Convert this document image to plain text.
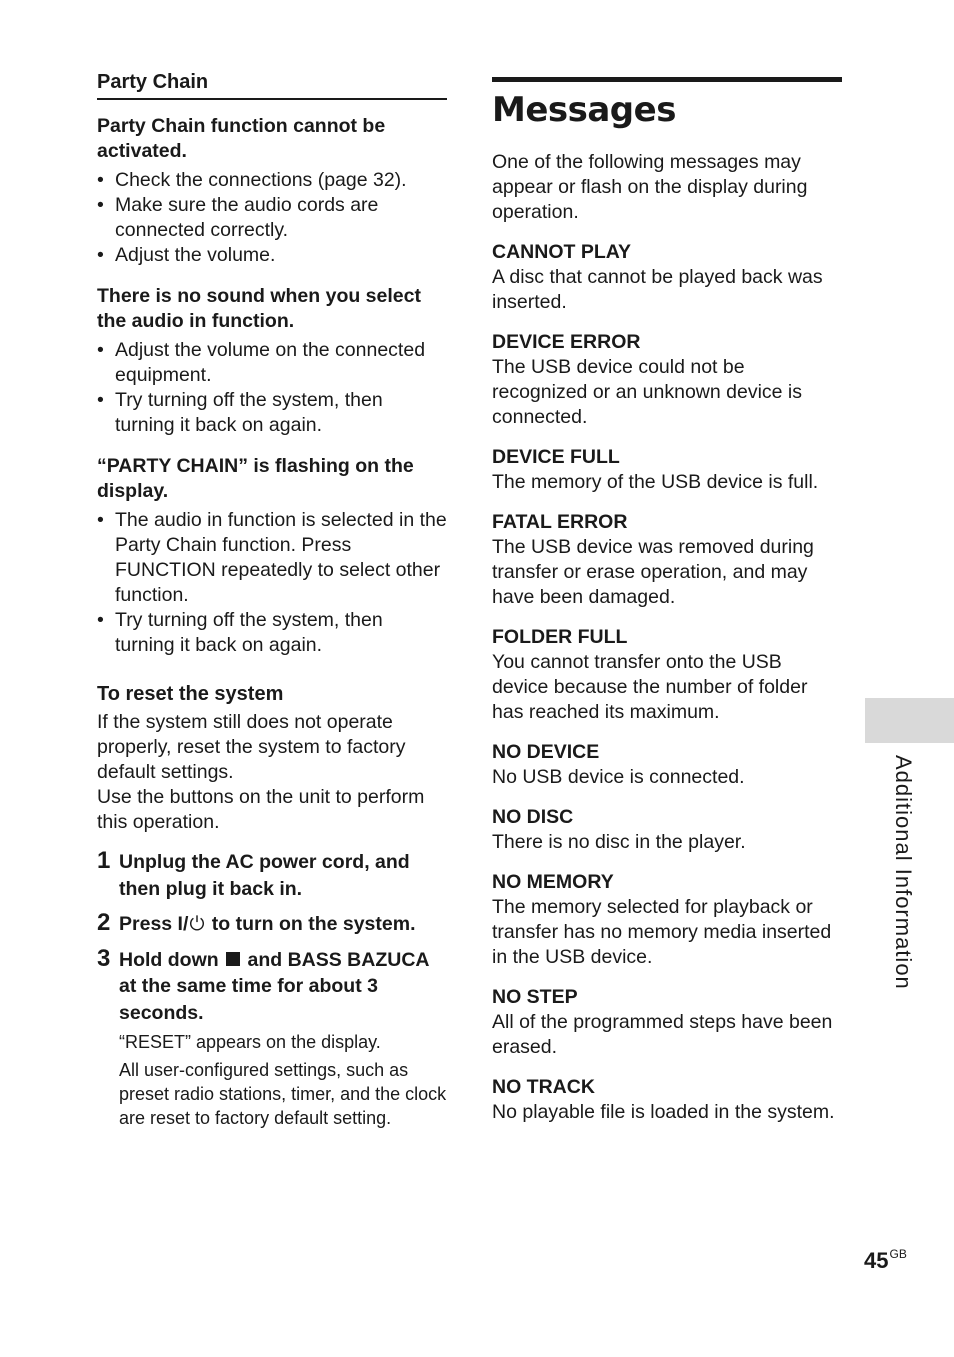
Party Chain

Party Chain function cannot be activated.

• Check the connections (page 32).
• Make sure the audio cords are connected correctly.
• Adjust the volume.

There is no sound when you select the audio in function.

• Adjust the volume on the connected equipment.
• Try turning off the system, then turning it back on again.

“PARTY CHAIN” is flashing on the display.

• The audio in function is selected in the Party Chain function. Press FUNCTION repeatedly to select other function.
• Try turning off the system, then turning it back on again.
To reset the system

If the system still does not operate properly, reset the system to factory default settings.

Use the buttons on the unit to perform this operation.

1 Unplug the AC power cord, and then plug it back in.
2 Press I/ to turn on the system.
3 Hold down  and BASS BAZUCA at the same time for about 3 seconds.
“RESET” appears on the display.
All user-configured settings, such as preset radio stations, timer, and the clock are reset to factory default setting.
Messages

One of the following messages may appear or flash on the display during operation.

CANNOT PLAY
A disc that cannot be played back was inserted.
DEVICE ERROR
The USB device could not be recognized or an unknown device is connected.
DEVICE FULL
The memory of the USB device is full.
FATAL ERROR
The USB device was removed during transfer or erase operation, and may have been damaged.
FOLDER FULL
You cannot transfer onto the USB device because the number of folder has reached its maximum.
NO DEVICE
No USB device is connected.
NO DISC
There is no disc in the player.
NO MEMORY
The memory selected for playback or transfer has no memory media inserted in the USB device.
NO STEP
All of the programmed steps have been erased.
NO TRACK
No playable file is loaded in the system.
Additional Information
$45^{GB}$
